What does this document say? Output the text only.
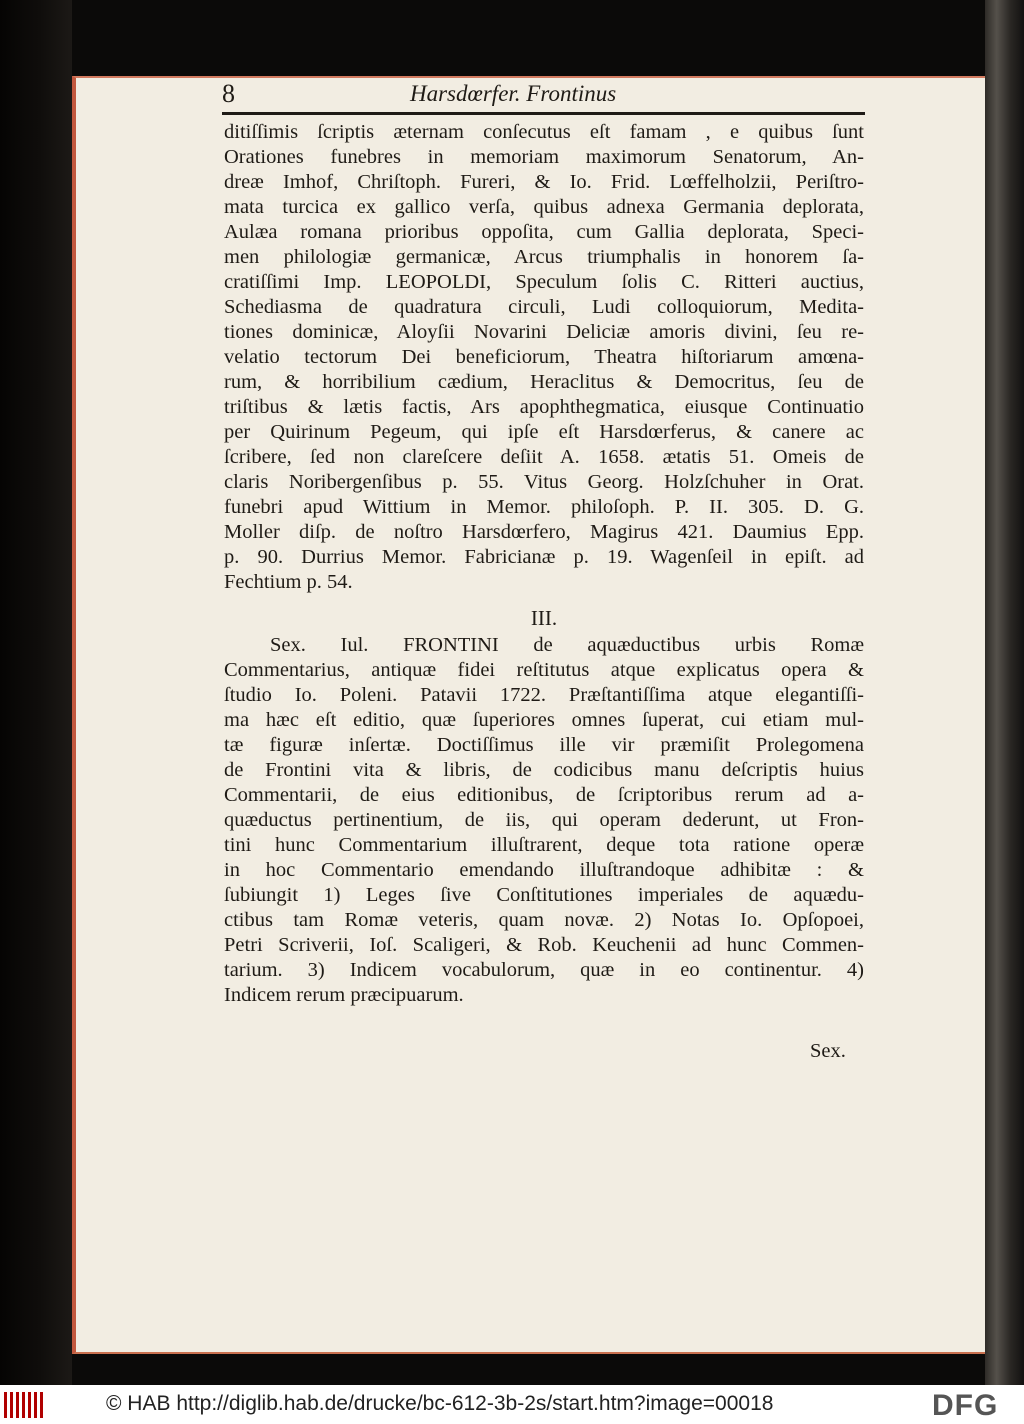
8	Harsdœrfer. Frontinus
ditiſſimis ſcriptis æternam conſecutus eſt famam , e quibus ſunt
Orationes funebres in memoriam maximorum Senatorum, An-
dreæ Imhof, Chriſtoph. Fureri, & Io. Frid. Lœffelholzii, Periſtro-
mata turcica ex gallico verſa, quibus adnexa Germania deplorata,
Aulæa romana prioribus oppoſita, cum Gallia deplorata, Speci-
men philologiæ germanicæ, Arcus triumphalis in honorem ſa-
cratiſſimi Imp. LEOPOLDI, Speculum ſolis C. Ritteri auctius,
Schediasma de quadratura circuli, Ludi colloquiorum, Medita-
tiones dominicæ, Aloyſii Novarini Deliciæ amoris divini, ſeu re-
velatio tectorum Dei beneficiorum, Theatra hiſtoriarum amœna-
rum, & horribilium cædium, Heraclitus & Democritus, ſeu de
triſtibus & lætis factis, Ars apophthegmatica, eiusque Continuatio
per Quirinum Pegeum, qui ipſe eſt Harsdœrferus, & canere ac
ſcribere, ſed non clareſcere deſiit A. 1658. ætatis 51. Omeis de
claris Noribergenſibus p. 55. Vitus Georg. Holzſchuher in Orat.
funebri apud Wittium in Memor. philoſoph. P. II. 305. D. G.
Moller diſp. de noſtro Harsdœrfero, Magirus 421. Daumius Epp.
p. 90. Durrius Memor. Fabricianæ p. 19. Wagenſeil in epiſt. ad
Fechtium p. 54.
III.
Sex. Iul. FRONTINI de aquæductibus urbis Romæ
Commentarius, antiquæ fidei reſtitutus atque explicatus opera &
ſtudio Io. Poleni. Patavii 1722. Præſtantiſſima atque elegantiſſi-
ma hæc eſt editio, quæ ſuperiores omnes ſuperat, cui etiam mul-
tæ figuræ inſertæ. Doctiſſimus ille vir præmiſit Prolegomena
de Frontini vita & libris, de codicibus manu deſcriptis huius
Commentarii, de eius editionibus, de ſcriptoribus rerum ad a-
quæductus pertinentium, de iis, qui operam dederunt, ut Fron-
tini hunc Commentarium illuſtrarent, deque tota ratione operæ
in hoc Commentario emendando illuſtrandoque adhibitæ : &
ſubiungit 1) Leges ſive Conſtitutiones imperiales de aquædu-
ctibus tam Romæ veteris, quam novæ. 2) Notas Io. Opſopoei,
Petri Scriverii, Ioſ. Scaligeri, & Rob. Keuchenii ad hunc Commen-
tarium. 3) Indicem vocabulorum, quæ in eo continentur. 4)
Indicem rerum præcipuarum.
Sex.
© HAB http://diglib.hab.de/drucke/bc-612-3b-2s/start.htm?image=00018	DFG
